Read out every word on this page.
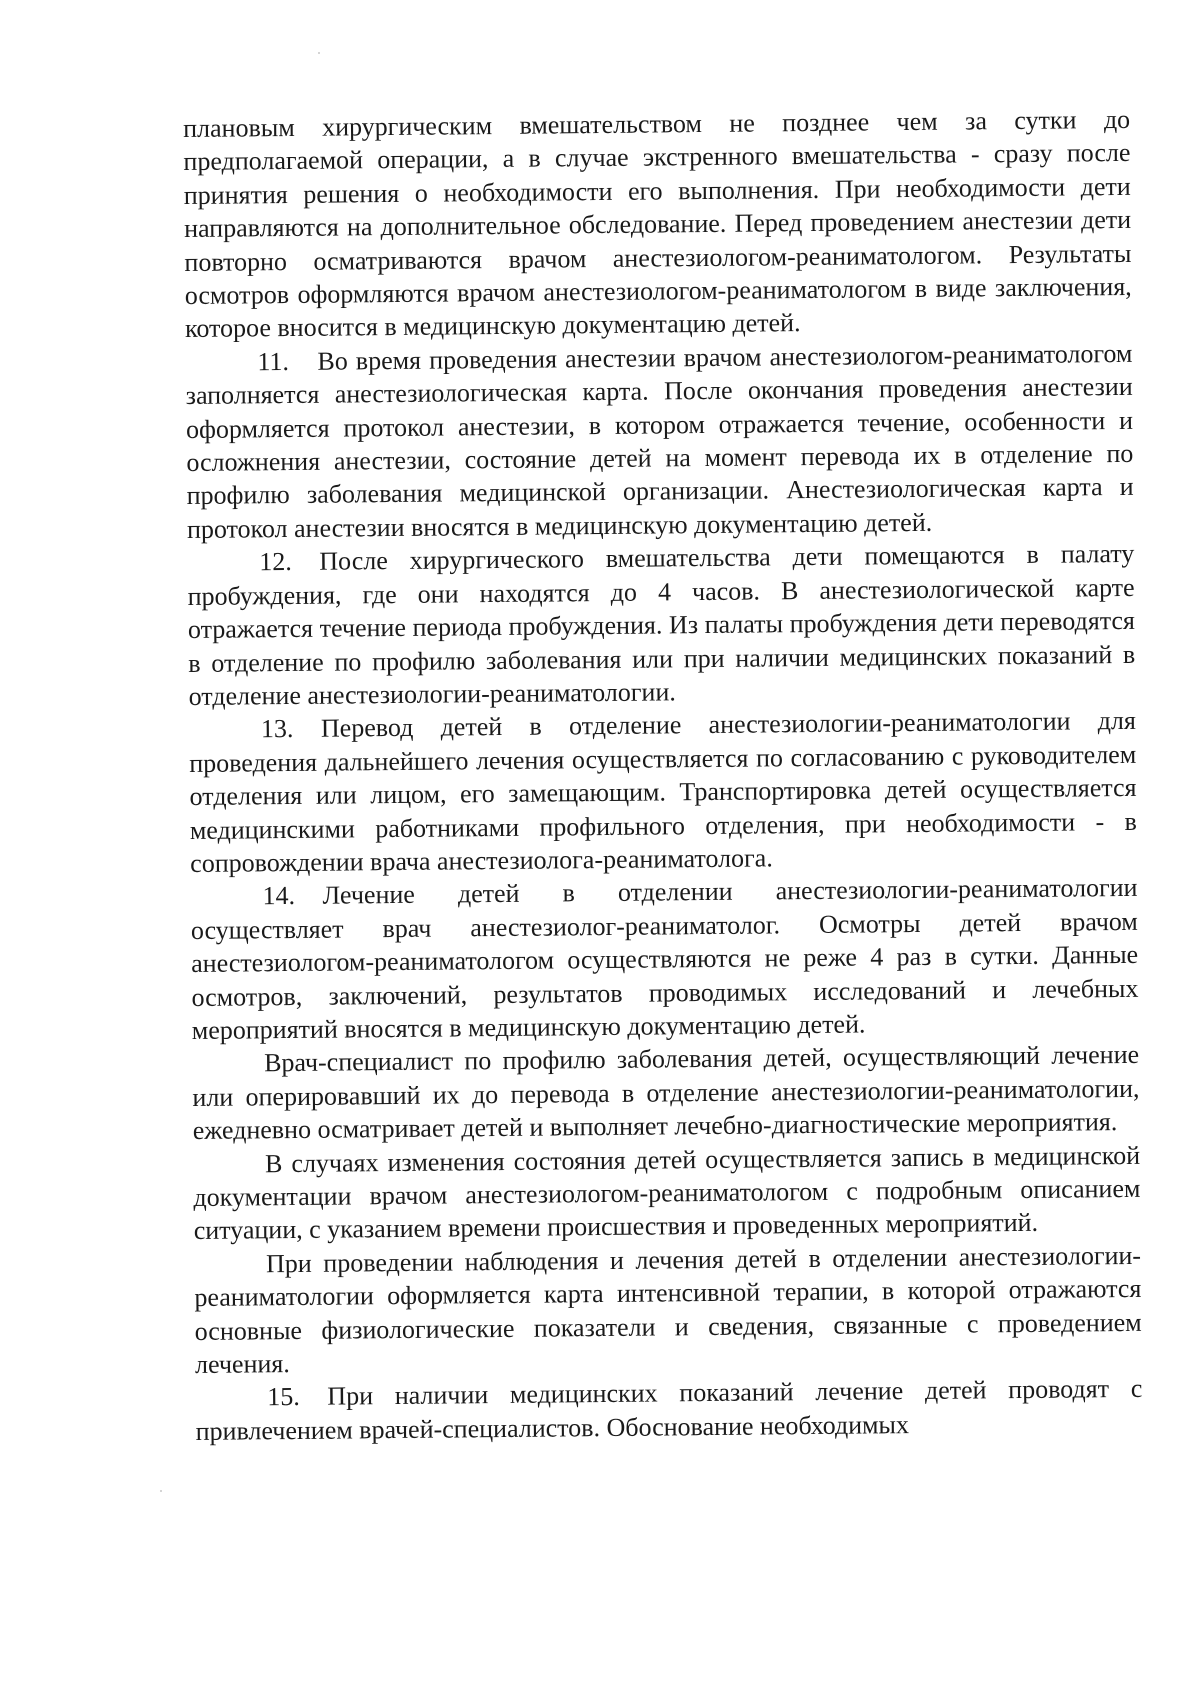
плановым хирургическим вмешательством не позднее чем за сутки до предполагаемой операции, а в случае экстренного вмешательства - сразу после принятия решения о необходимости его выполнения. При необходимости дети направляются на дополнительное обследование. Перед проведением анестезии дети повторно осматриваются врачом анестезиологом-реаниматологом. Результаты осмотров оформляются врачом анестезиологом-реаниматологом в виде заключения, которое вносится в медицинскую документацию детей.

11. Во время проведения анестезии врачом анестезиологом-реаниматологом заполняется анестезиологическая карта. После окончания проведения анестезии оформляется протокол анестезии, в котором отражается течение, особенности и осложнения анестезии, состояние детей на момент перевода их в отделение по профилю заболевания медицинской организации. Анестезиологическая карта и протокол анестезии вносятся в медицинскую документацию детей.

12. После хирургического вмешательства дети помещаются в палату пробуждения, где они находятся до 4 часов. В анестезиологической карте отражается течение периода пробуждения. Из палаты пробуждения дети переводятся в отделение по профилю заболевания или при наличии медицинских показаний в отделение анестезиологии-реаниматологии.

13. Перевод детей в отделение анестезиологии-реаниматологии для проведения дальнейшего лечения осуществляется по согласованию с руководителем отделения или лицом, его замещающим. Транспортировка детей осуществляется медицинскими работниками профильного отделения, при необходимости - в сопровождении врача анестезиолога-реаниматолога.

14. Лечение детей в отделении анестезиологии-реаниматологии осуществляет врач анестезиолог-реаниматолог. Осмотры детей врачом анестезиологом-реаниматологом осуществляются не реже 4 раз в сутки. Данные осмотров, заключений, результатов проводимых исследований и лечебных мероприятий вносятся в медицинскую документацию детей.

Врач-специалист по профилю заболевания детей, осуществляющий лечение или оперировавший их до перевода в отделение анестезиологии-реаниматологии, ежедневно осматривает детей и выполняет лечебно-диагностические мероприятия.

В случаях изменения состояния детей осуществляется запись в медицинской документации врачом анестезиологом-реаниматологом с подробным описанием ситуации, с указанием времени происшествия и проведенных мероприятий.

При проведении наблюдения и лечения детей в отделении анестезиологии-реаниматологии оформляется карта интенсивной терапии, в которой отражаются основные физиологические показатели и сведения, связанные с проведением лечения.

15. При наличии медицинских показаний лечение детей проводят с привлечением врачей-специалистов. Обоснование необходимых
